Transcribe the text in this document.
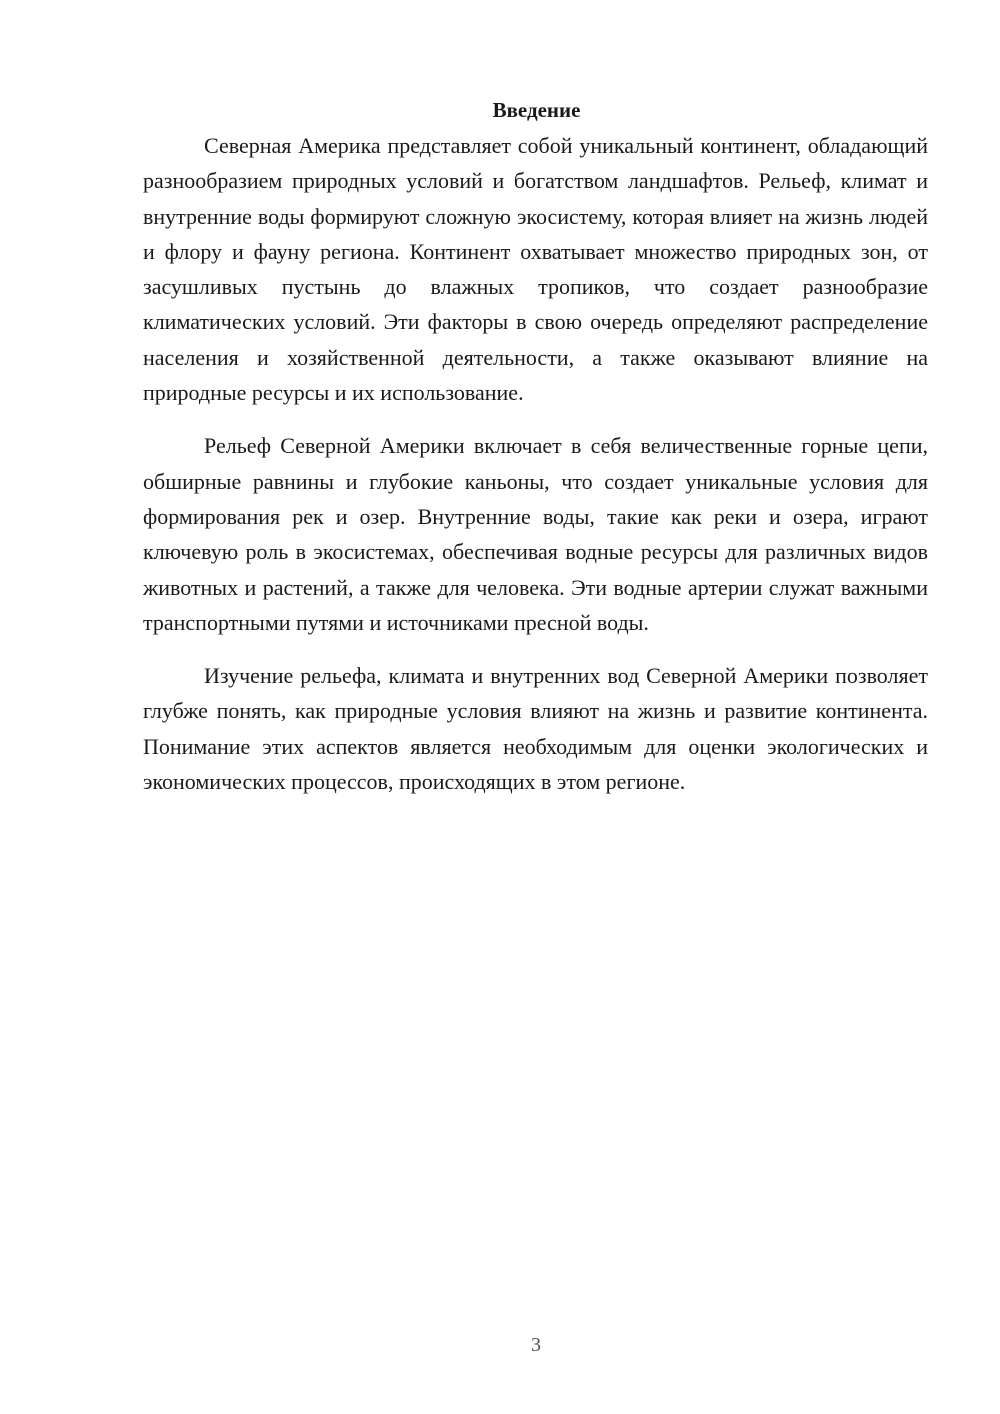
Введение

Северная Америка представляет собой уникальный континент, обладающий разнообразием природных условий и богатством ландшафтов. Рельеф, климат и внутренние воды формируют сложную экосистему, которая влияет на жизнь людей и флору и фауну региона. Континент охватывает множество природных зон, от засушливых пустынь до влажных тропиков, что создает разнообразие климатических условий. Эти факторы в свою очередь определяют распределение населения и хозяйственной деятельности, а также оказывают влияние на природные ресурсы и их использование.

Рельеф Северной Америки включает в себя величественные горные цепи, обширные равнины и глубокие каньоны, что создает уникальные условия для формирования рек и озер. Внутренние воды, такие как реки и озера, играют ключевую роль в экосистемах, обеспечивая водные ресурсы для различных видов животных и растений, а также для человека. Эти водные артерии служат важными транспортными путями и источниками пресной воды.

Изучение рельефа, климата и внутренних вод Северной Америки позволяет глубже понять, как природные условия влияют на жизнь и развитие континента. Понимание этих аспектов является необходимым для оценки экологических и экономических процессов, происходящих в этом регионе.

3
